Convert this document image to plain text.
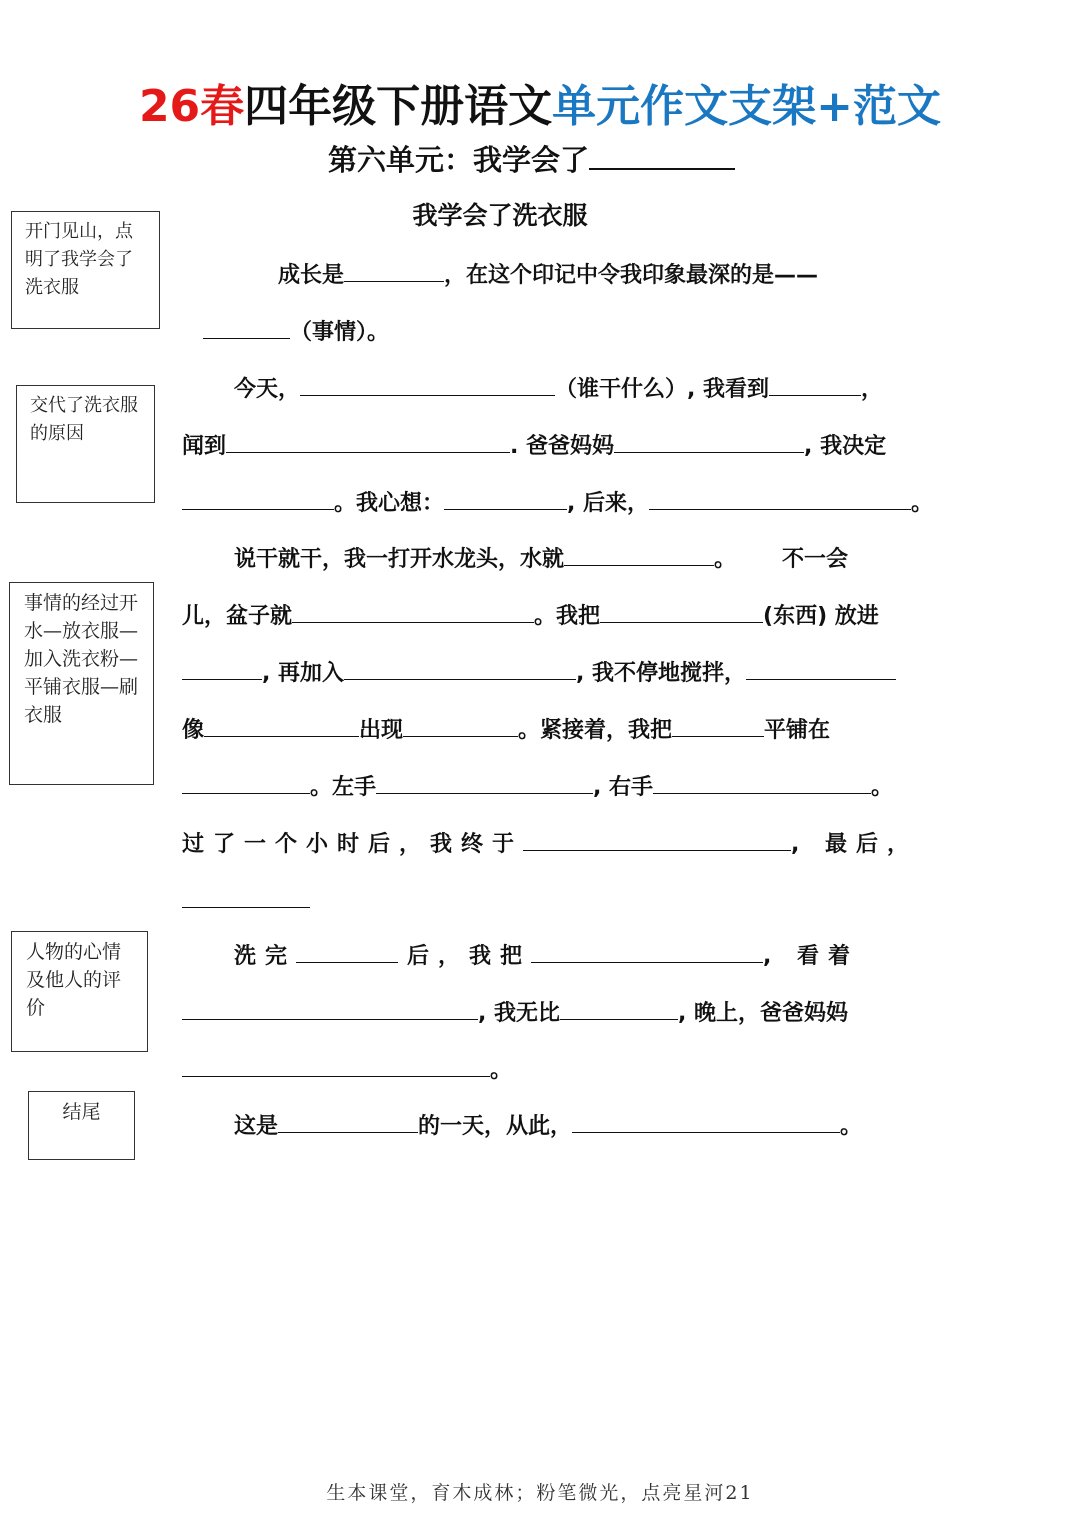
26春四年级下册语文单元作文支架+范文
第六单元：我学会了
我学会了洗衣服
开门见山，点明了我学会了洗衣服
交代了洗衣服的原因
事情的经过开水—放衣服—加入洗衣粉—平铺衣服—刷衣服
人物的心情及他人的评价
结尾
成长是	，在这个印记中令我印象最深的是——
（事情）。
今天，	（谁干什么）, 我看到	，
闻到	. 爸爸妈妈	, 我决定
。我心想：	, 后来，	。
说干就干，我一打开水龙头，水就	。 不一会
儿，盆子就	。我把	(东西) 放进
, 再加入	, 我不停地搅拌，
像	出现	。紧接着，我把	平铺在
。左手	, 右手	。
过了一个小时后，我终于	, 最后，
洗完	后，我把	, 看着
, 我无比	, 晚上，爸爸妈妈
。
这是	的一天，从此，	。
生本课堂，育木成林；粉笔微光，点亮星河21
